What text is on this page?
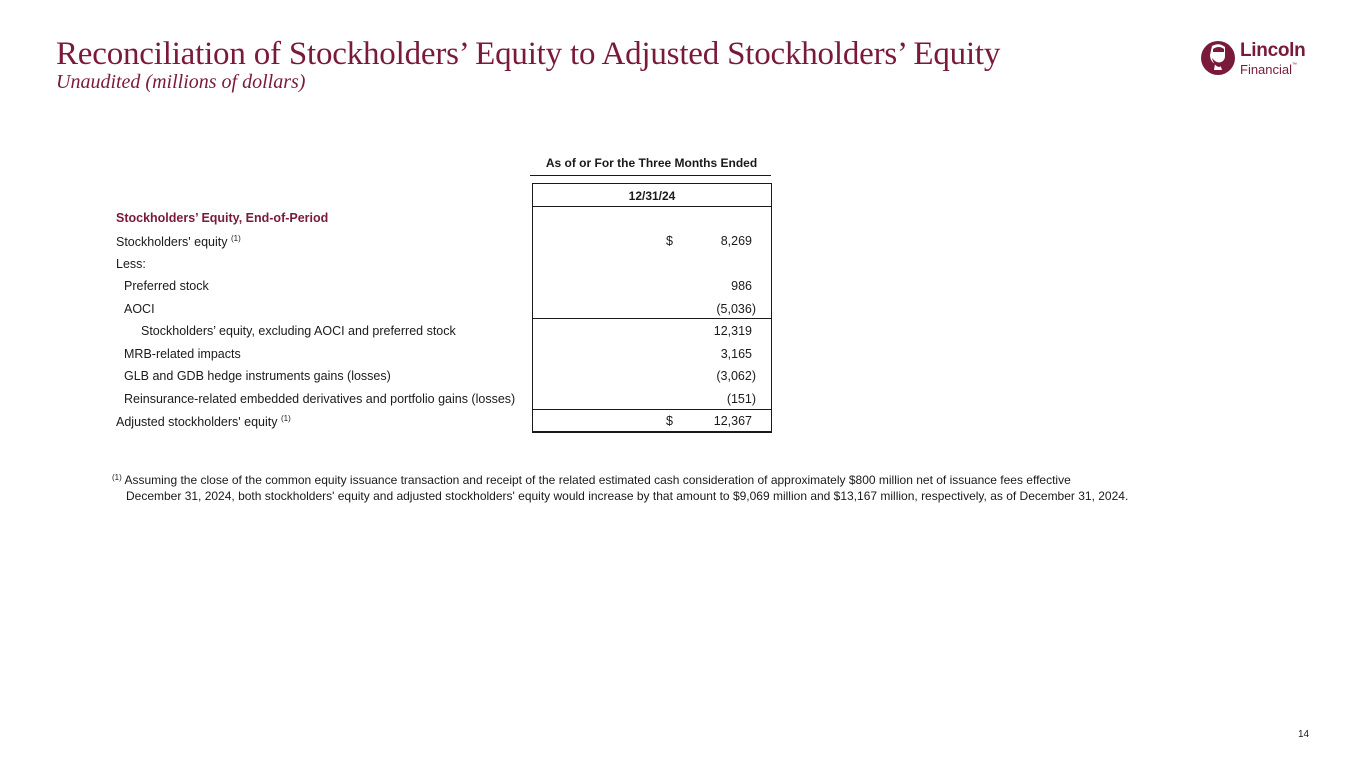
Reconciliation of Stockholders’ Equity to Adjusted Stockholders’ Equity
Unaudited (millions of dollars)
Lincoln
Financial™
As of or For the Three Months Ended
12/31/24
Stockholders’ Equity, End-of-Period
Stockholders' equity $^{(1)}$	$	8,269
Less:
Preferred stock	986
AOCI	(5,036)
Stockholders’ equity, excluding AOCI and preferred stock	12,319
MRB-related impacts	3,165
GLB and GDB hedge instruments gains (losses)	(3,062)
Reinsurance-related embedded derivatives and portfolio gains (losses)	(151)
Adjusted stockholders' equity $^{(1)}$	$	12,367
$^{(1)}$ Assuming the close of the common equity issuance transaction and receipt of the related estimated cash consideration of approximately $800 million net of issuance fees effective
December 31, 2024, both stockholders' equity and adjusted stockholders' equity would increase by that amount to $9,069 million and $13,167 million, respectively, as of December 31, 2024.
14
